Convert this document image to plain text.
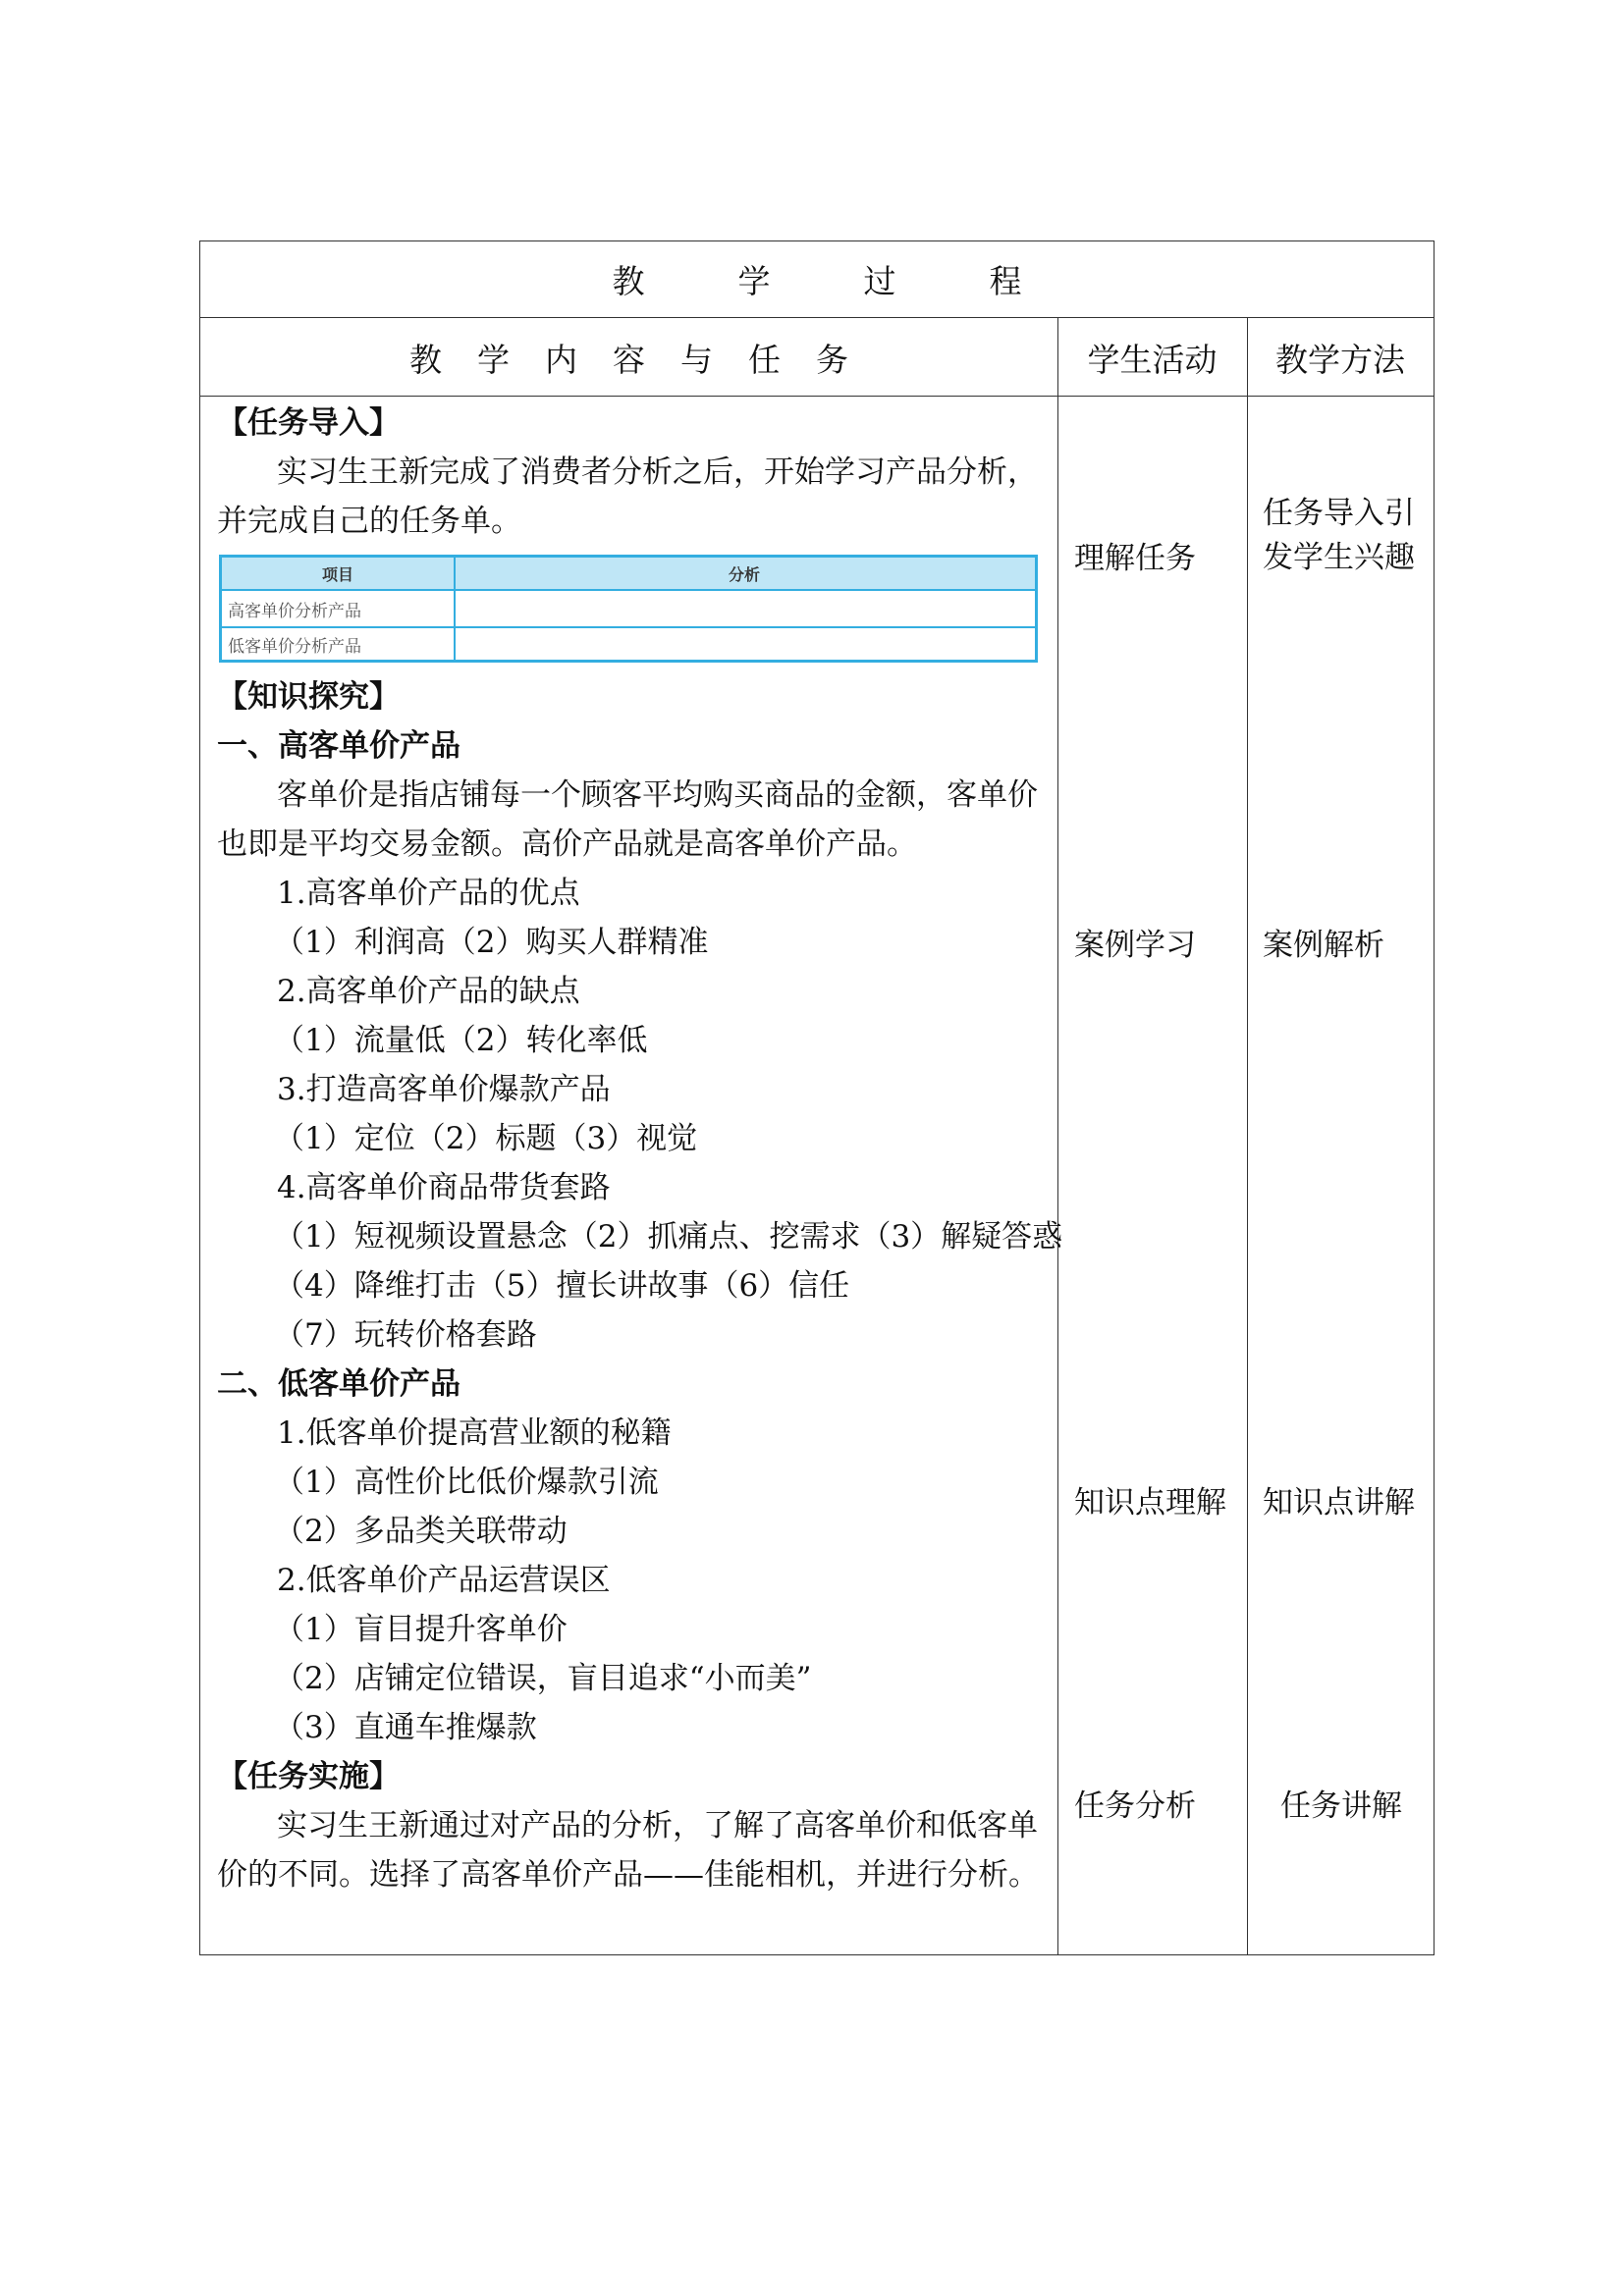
教学过程
教学内容与任务	学生活动 教学方法
【任务导入】
实习生王新完成了消费者分析之后，开始学习产品分析，
并完成自己的任务单。
项目	分析
高客单价分析产品
低客单价分析产品
【知识探究】
一、高客单价产品
客单价是指店铺每一个顾客平均购买商品的金额，客单价
也即是平均交易金额。高价产品就是高客单价产品。
1.高客单价产品的优点
（1）利润高（2）购买人群精准
2.高客单价产品的缺点
（1）流量低（2）转化率低
3.打造高客单价爆款产品
（1）定位（2）标题（3）视觉
4.高客单价商品带货套路
（1）短视频设置悬念（2）抓痛点、挖需求（3）解疑答惑
（4）降维打击（5）擅长讲故事（6）信任
（7）玩转价格套路
二、低客单价产品
1.低客单价提高营业额的秘籍
（1）高性价比低价爆款引流
（2）多品类关联带动
2.低客单价产品运营误区
（1）盲目提升客单价
（2）店铺定位错误，盲目追求“小而美”
（3）直通车推爆款
【任务实施】
实习生王新通过对产品的分析，了解了高客单价和低客单
价的不同。选择了高客单价产品——佳能相机，并进行分析。
理解任务
案例学习
知识点理解
任务分析
任务导入引
发学生兴趣
案例解析
知识点讲解
任务讲解
